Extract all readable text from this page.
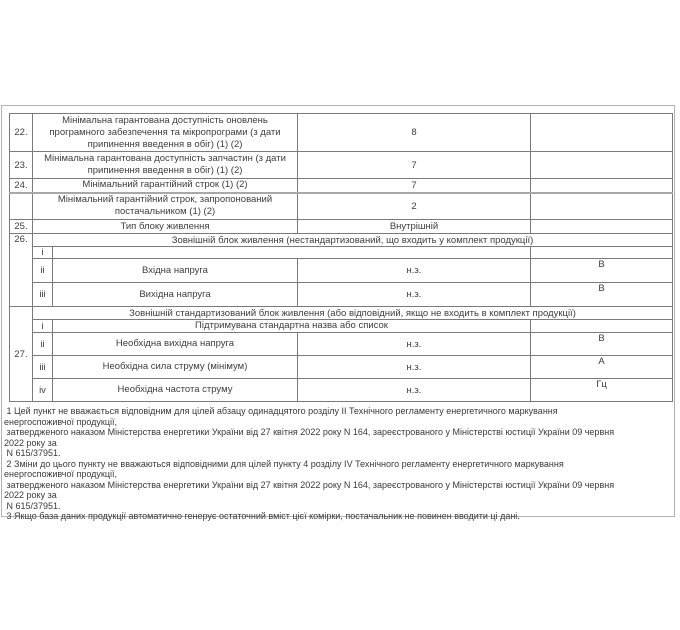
22.	Мінімальна гарантована доступність оновлень програмного забезпечення та мікропрограми (з дати припинення введення в обіг) (1) (2)		8	
23.	Мінімальна гарантована доступність запчастин (з дати припинення введення в обіг) (1) (2)		7	
24.	Мінімальний гарантійний строк (1) (2)		7	
	Мінімальний гарантійний строк, запропонований постачальником (1) (2)		2	
25.	Тип блоку живлення		Внутрішній	
26.	Зовнішній блок живлення (нестандартизований, що входить у комплект продукції)			
	i			
	ii	Вхідна напруга	н.з.	В
	iii	Вихідна напруга	н.з.	В
27.	Зовнішній стандартизований блок живлення (або відповідний, якщо не входить в комплект продукції)			
	i	Підтримувана стандартна назва або список		
	ii	Необхідна вихідна напруга	н.з.	В
	iii	Необхідна сила струму (мінімум)	н.з.	А
	iv	Необхідна частота струму	н.з.	Гц
1 Цей пункт не вважається відповідним для цілей абзацу одинадцятого розділу II Технічного регламенту енергетичного маркування
енергоспоживчої продукції,
затвердженого наказом Міністерства енергетики України від 27 квітня 2022 року N 164, зареєстрованого у Міністерстві юстиції України 09 червня
2022 року за
N 615/37951.
2 Зміни до цього пункту не вважаються відповідними для цілей пункту 4 розділу IV Технічного регламенту енергетичного маркування
енергоспоживчої продукції,
затвердженого наказом Міністерства енергетики України від 27 квітня 2022 року N 164, зареєстрованого у Міністерстві юстиції України 09 червня
2022 року за
N 615/37951.
3 Якщо база даних продукції автоматично генерує остаточний вміст цієї комірки, постачальник не повинен вводити ці дані.
